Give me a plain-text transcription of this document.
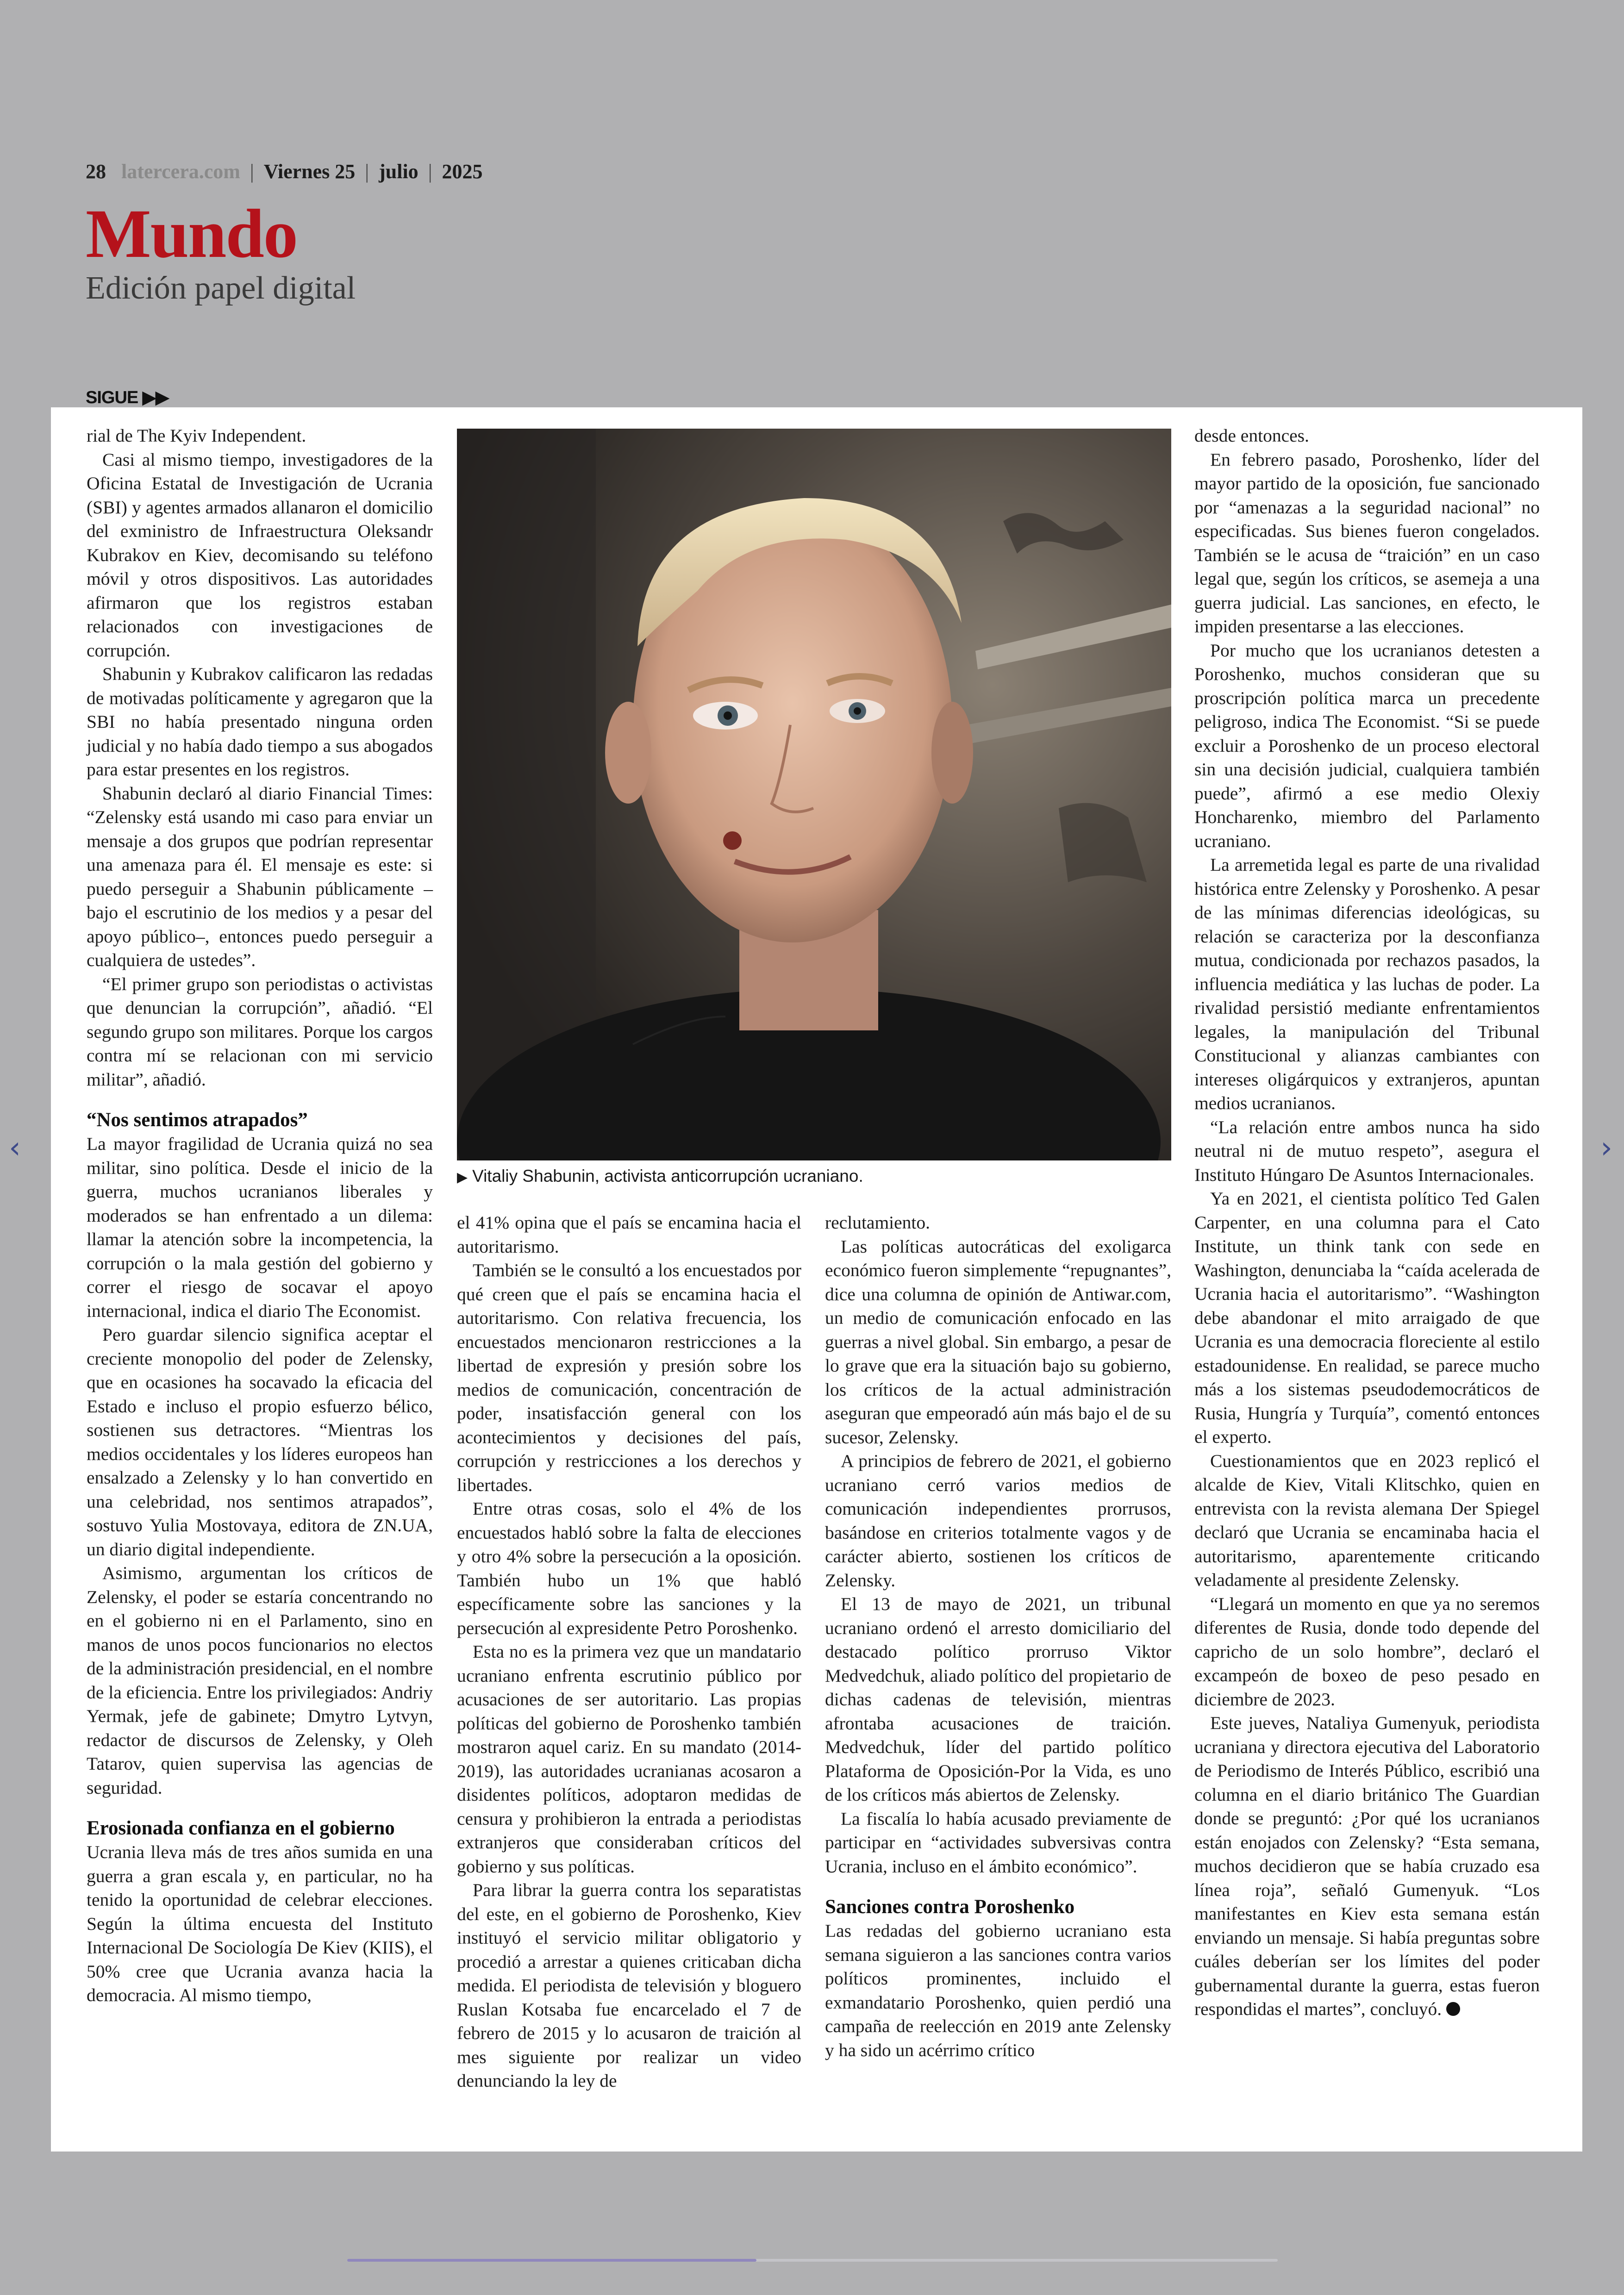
28 latercera.com | Viernes 25 | julio | 2025
Mundo
Edición papel digital
SIGUE ▶▶

rial de The Kyiv Independent.

Casi al mismo tiempo, investigadores de la Oficina Estatal de Investigación de Ucrania (SBI) y agentes armados allanaron el domicilio del exministro de Infraestructura Oleksandr Kubrakov en Kiev, decomisando su teléfono móvil y otros dispositivos. Las autoridades afirmaron que los registros estaban relacionados con investigaciones de corrupción.

Shabunin y Kubrakov calificaron las redadas de motivadas políticamente y agregaron que la SBI no había presentado ninguna orden judicial y no había dado tiempo a sus abogados para estar presentes en los registros.

Shabunin declaró al diario Financial Times: “Zelensky está usando mi caso para enviar un mensaje a dos grupos que podrían representar una amenaza para él. El mensaje es este: si puedo perseguir a Shabunin públicamente –bajo el escrutinio de los medios y a pesar del apoyo público–, entonces puedo perseguir a cualquiera de ustedes”.

“El primer grupo son periodistas o activistas que denuncian la corrupción”, añadió. “El segundo grupo son militares. Porque los cargos contra mí se relacionan con mi servicio militar”, añadió.

“Nos sentimos atrapados”

La mayor fragilidad de Ucrania quizá no sea militar, sino política. Desde el inicio de la guerra, muchos ucranianos liberales y moderados se han enfrentado a un dilema: llamar la atención sobre la incompetencia, la corrupción o la mala gestión del gobierno y correr el riesgo de socavar el apoyo internacional, indica el diario The Economist.

Pero guardar silencio significa aceptar el creciente monopolio del poder de Zelensky, que en ocasiones ha socavado la eficacia del Estado e incluso el propio esfuerzo bélico, sostienen sus detractores. “Mientras los medios occidentales y los líderes europeos han ensalzado a Zelensky y lo han convertido en una celebridad, nos sentimos atrapados”, sostuvo Yulia Mostovaya, editora de ZN.UA, un diario digital independiente.

Asimismo, argumentan los críticos de Zelensky, el poder se estaría concentrando no en el gobierno ni en el Parlamento, sino en manos de unos pocos funcionarios no electos de la administración presidencial, en el nombre de la eficiencia. Entre los privilegiados: Andriy Yermak, jefe de gabinete; Dmytro Lytvyn, redactor de discursos de Zelensky, y Oleh Tatarov, quien supervisa las agencias de seguridad.

Erosionada confianza en el gobierno

Ucrania lleva más de tres años sumida en una guerra a gran escala y, en particular, no ha tenido la oportunidad de celebrar elecciones. Según la última encuesta del Instituto Internacional De Sociología De Kiev (KIIS), el 50% cree que Ucrania avanza hacia la democracia. Al mismo tiempo,

▶ Vitaliy Shabunin, activista anticorrupción ucraniano.

el 41% opina que el país se encamina hacia el autoritarismo.

También se le consultó a los encuestados por qué creen que el país se encamina hacia el autoritarismo. Con relativa frecuencia, los encuestados mencionaron restricciones a la libertad de expresión y presión sobre los medios de comunicación, concentración de poder, insatisfacción general con los acontecimientos y decisiones del país, corrupción y restricciones a los derechos y libertades.

Entre otras cosas, solo el 4% de los encuestados habló sobre la falta de elecciones y otro 4% sobre la persecución a la oposición. También hubo un 1% que habló específicamente sobre las sanciones y la persecución al expresidente Petro Poroshenko.

Esta no es la primera vez que un mandatario ucraniano enfrenta escrutinio público por acusaciones de ser autoritario. Las propias políticas del gobierno de Poroshenko también mostraron aquel cariz. En su mandato (2014-2019), las autoridades ucranianas acosaron a disidentes políticos, adoptaron medidas de censura y prohibieron la entrada a periodistas extranjeros que consideraban críticos del gobierno y sus políticas.

Para librar la guerra contra los separatistas del este, en el gobierno de Poroshenko, Kiev instituyó el servicio militar obligatorio y procedió a arrestar a quienes criticaban dicha medida. El periodista de televisión y bloguero Ruslan Kotsaba fue encarcelado el 7 de febrero de 2015 y lo acusaron de traición al mes siguiente por realizar un video denunciando la ley de

reclutamiento.

Las políticas autocráticas del exoligarca económico fueron simplemente “repugnantes”, dice una columna de opinión de Antiwar.com, un medio de comunicación enfocado en las guerras a nivel global. Sin embargo, a pesar de lo grave que era la situación bajo su gobierno, los críticos de la actual administración aseguran que empeoradó aún más bajo el de su sucesor, Zelensky.

A principios de febrero de 2021, el gobierno ucraniano cerró varios medios de comunicación independientes prorrusos, basándose en criterios totalmente vagos y de carácter abierto, sostienen los críticos de Zelensky.

El 13 de mayo de 2021, un tribunal ucraniano ordenó el arresto domiciliario del destacado político prorruso Viktor Medvedchuk, aliado político del propietario de dichas cadenas de televisión, mientras afrontaba acusaciones de traición. Medvedchuk, líder del partido político Plataforma de Oposición-Por la Vida, es uno de los críticos más abiertos de Zelensky.

La fiscalía lo había acusado previamente de participar en “actividades subversivas contra Ucrania, incluso en el ámbito económico”.

Sanciones contra Poroshenko

Las redadas del gobierno ucraniano esta semana siguieron a las sanciones contra varios políticos prominentes, incluido el exmandatario Poroshenko, quien perdió una campaña de reelección en 2019 ante Zelensky y ha sido un acérrimo crítico

desde entonces.

En febrero pasado, Poroshenko, líder del mayor partido de la oposición, fue sancionado por “amenazas a la seguridad nacional” no especificadas. Sus bienes fueron congelados. También se le acusa de “traición” en un caso legal que, según los críticos, se asemeja a una guerra judicial. Las sanciones, en efecto, le impiden presentarse a las elecciones.

Por mucho que los ucranianos detesten a Poroshenko, muchos consideran que su proscripción política marca un precedente peligroso, indica The Economist. “Si se puede excluir a Poroshenko de un proceso electoral sin una decisión judicial, cualquiera también puede”, afirmó a ese medio Olexiy Honcharenko, miembro del Parlamento ucraniano.

La arremetida legal es parte de una rivalidad histórica entre Zelensky y Poroshenko. A pesar de las mínimas diferencias ideológicas, su relación se caracteriza por la desconfianza mutua, condicionada por rechazos pasados, la influencia mediática y las luchas de poder. La rivalidad persistió mediante enfrentamientos legales, la manipulación del Tribunal Constitucional y alianzas cambiantes con intereses oligárquicos y extranjeros, apuntan medios ucranianos.

“La relación entre ambos nunca ha sido neutral ni de mutuo respeto”, asegura el Instituto Húngaro De Asuntos Internacionales.

Ya en 2021, el cientista político Ted Galen Carpenter, en una columna para el Cato Institute, un think tank con sede en Washington, denunciaba la “caída acelerada de Ucrania hacia el autoritarismo”. “Washington debe abandonar el mito arraigado de que Ucrania es una democracia floreciente al estilo estadounidense. En realidad, se parece mucho más a los sistemas pseudodemocráticos de Rusia, Hungría y Turquía”, comentó entonces el experto.

Cuestionamientos que en 2023 replicó el alcalde de Kiev, Vitali Klitschko, quien en entrevista con la revista alemana Der Spiegel declaró que Ucrania se encaminaba hacia el autoritarismo, aparentemente criticando veladamente al presidente Zelensky.

“Llegará un momento en que ya no seremos diferentes de Rusia, donde todo depende del capricho de un solo hombre”, declaró el excampeón de boxeo de peso pesado en diciembre de 2023.

Este jueves, Nataliya Gumenyuk, periodista ucraniana y directora ejecutiva del Laboratorio de Periodismo de Interés Público, escribió una columna en el diario británico The Guardian donde se preguntó: ¿Por qué los ucranianos están enojados con Zelensky? “Esta semana, muchos decidieron que se había cruzado esa línea roja”, señaló Gumenyuk. “Los manifestantes en Kiev esta semana están enviando un mensaje. Si había preguntas sobre cuáles deberían ser los límites del poder gubernamental durante la guerra, estas fueron respondidas el martes”, concluyó.

‹	›
